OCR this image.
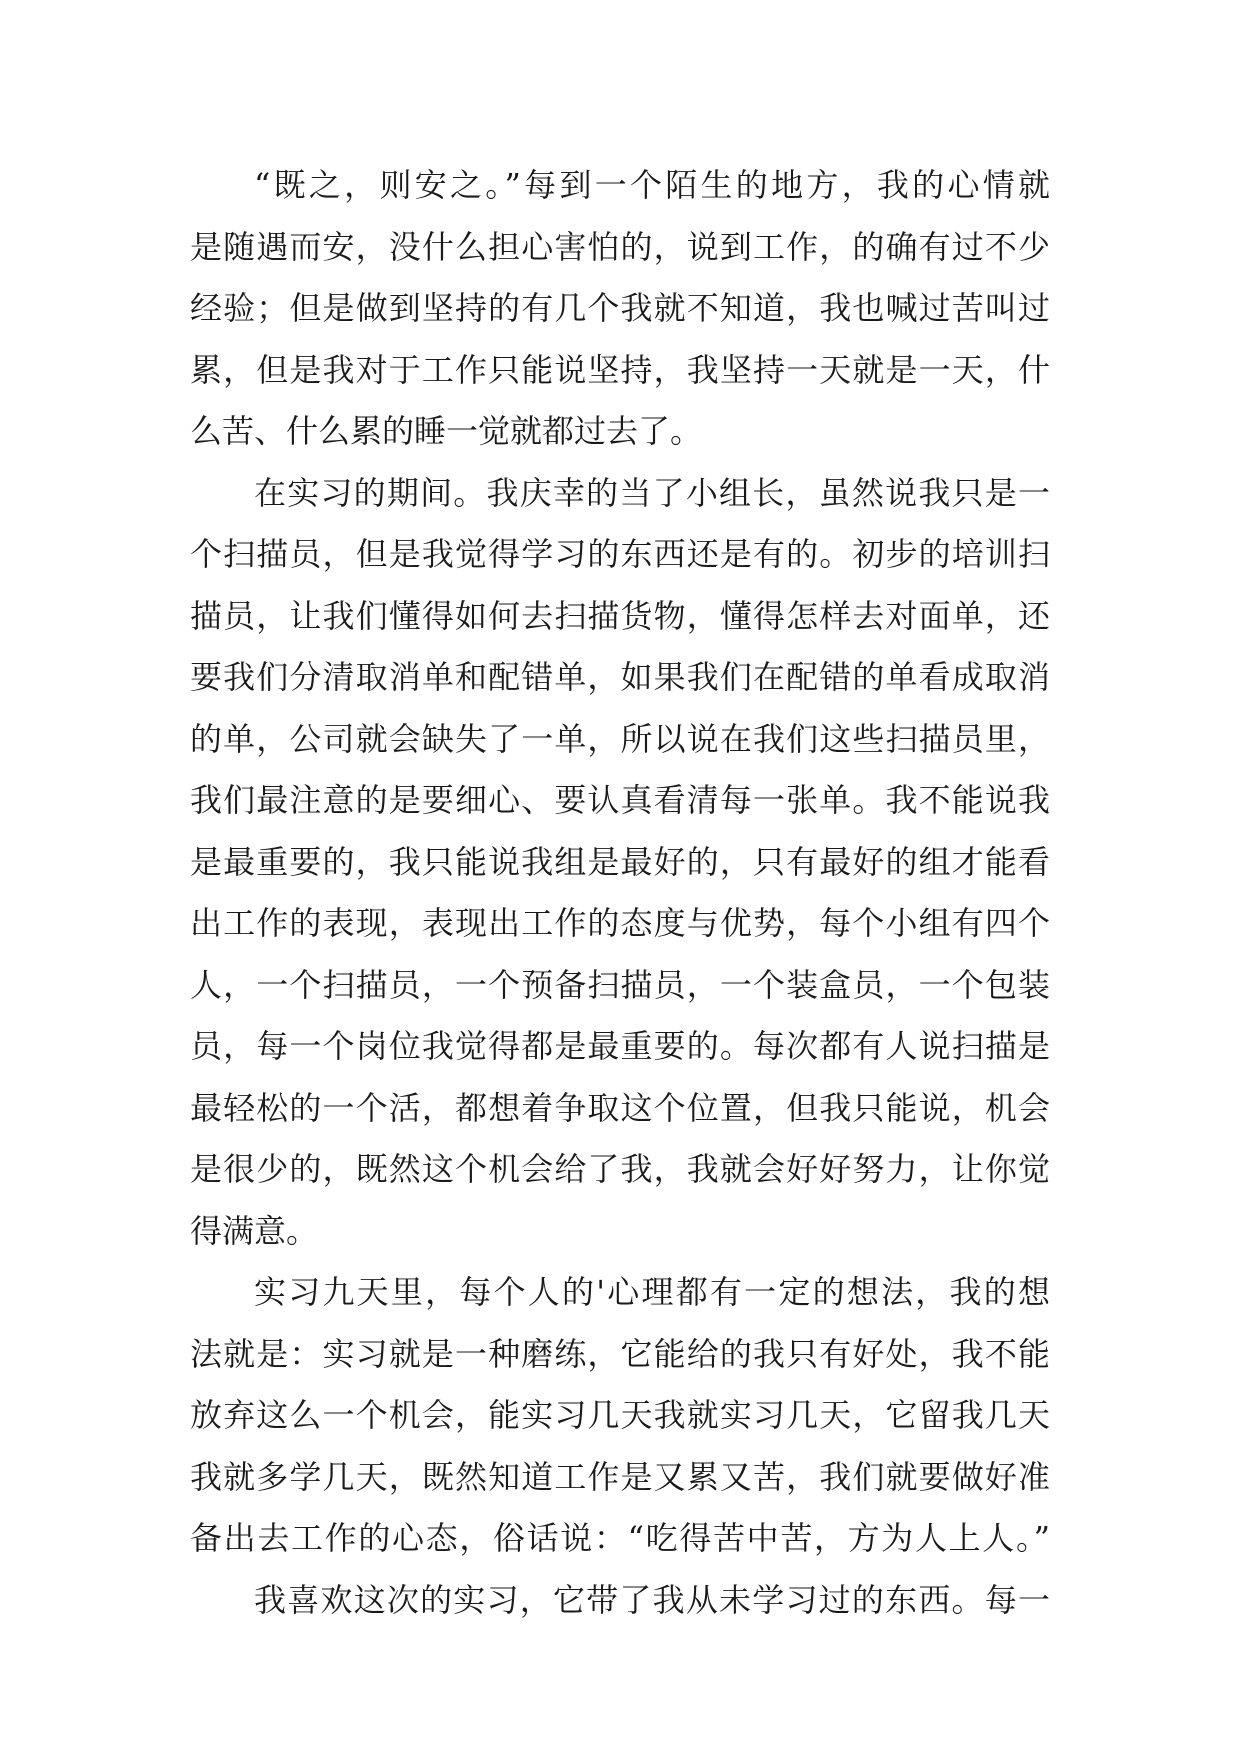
“既之，则安之。”每到一个陌生的地方，我的心情就
是随遇而安，没什么担心害怕的，说到工作，的确有过不少
经验；但是做到坚持的有几个我就不知道，我也喊过苦叫过
累，但是我对于工作只能说坚持，我坚持一天就是一天，什
么苦、什么累的睡一觉就都过去了。
在实习的期间。我庆幸的当了小组长，虽然说我只是一
个扫描员，但是我觉得学习的东西还是有的。初步的培训扫
描员，让我们懂得如何去扫描货物，懂得怎样去对面单，还
要我们分清取消单和配错单，如果我们在配错的单看成取消
的单，公司就会缺失了一单，所以说在我们这些扫描员里，
我们最注意的是要细心、要认真看清每一张单。我不能说我
是最重要的，我只能说我组是最好的，只有最好的组才能看
出工作的表现，表现出工作的态度与优势，每个小组有四个
人，一个扫描员，一个预备扫描员，一个装盒员，一个包装
员，每一个岗位我觉得都是最重要的。每次都有人说扫描是
最轻松的一个活，都想着争取这个位置，但我只能说，机会
是很少的，既然这个机会给了我，我就会好好努力，让你觉
得满意。
实习九天里，每个人的'心理都有一定的想法，我的想
法就是：实习就是一种磨练，它能给的我只有好处，我不能
放弃这么一个机会，能实习几天我就实习几天，它留我几天
我就多学几天，既然知道工作是又累又苦，我们就要做好准
备出去工作的心态，俗话说：“吃得苦中苦，方为人上人。”
我喜欢这次的实习，它带了我从未学习过的东西。每一
